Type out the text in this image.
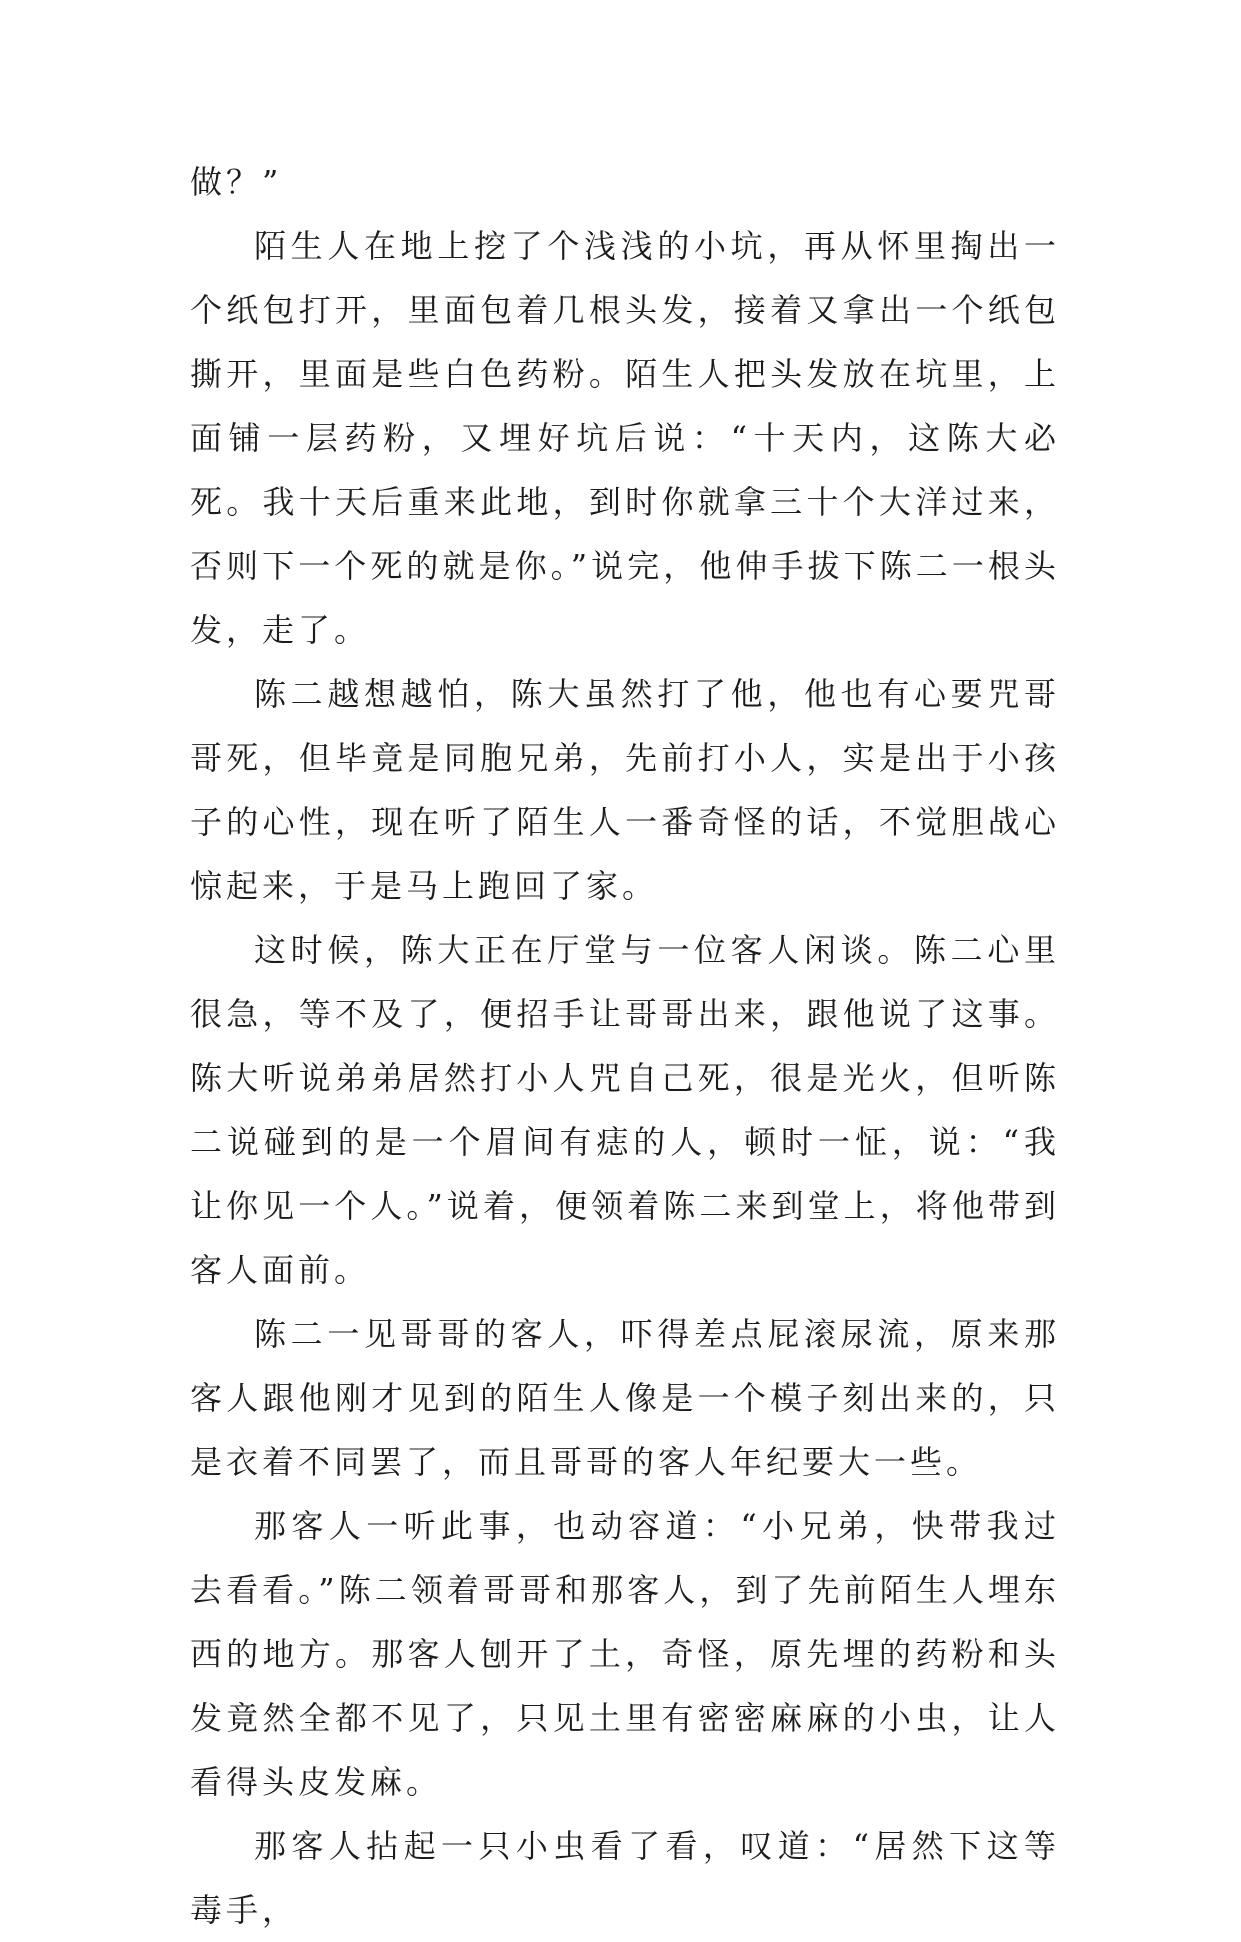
做？”

陌生人在地上挖了个浅浅的小坑，再从怀里掏出一个纸包打开，里面包着几根头发，接着又拿出一个纸包撕开，里面是些白色药粉。陌生人把头发放在坑里，上面铺一层药粉，又埋好坑后说：“十天内，这陈大必死。我十天后重来此地，到时你就拿三十个大洋过来，否则下一个死的就是你。”说完，他伸手拔下陈二一根头发，走了。

陈二越想越怕，陈大虽然打了他，他也有心要咒哥哥死，但毕竟是同胞兄弟，先前打小人，实是出于小孩子的心性，现在听了陌生人一番奇怪的话，不觉胆战心惊起来，于是马上跑回了家。

这时候，陈大正在厅堂与一位客人闲谈。陈二心里很急，等不及了，便招手让哥哥出来，跟他说了这事。陈大听说弟弟居然打小人咒自己死，很是光火，但听陈二说碰到的是一个眉间有痣的人，顿时一怔，说：“我让你见一个人。”说着，便领着陈二来到堂上，将他带到客人面前。

陈二一见哥哥的客人，吓得差点屁滚尿流，原来那客人跟他刚才见到的陌生人像是一个模子刻出来的，只是衣着不同罢了，而且哥哥的客人年纪要大一些。

那客人一听此事，也动容道：“小兄弟，快带我过去看看。”陈二领着哥哥和那客人，到了先前陌生人埋东西的地方。那客人刨开了土，奇怪，原先埋的药粉和头发竟然全都不见了，只见土里有密密麻麻的小虫，让人看得头皮发麻。

那客人拈起一只小虫看了看，叹道：“居然下这等毒手，
